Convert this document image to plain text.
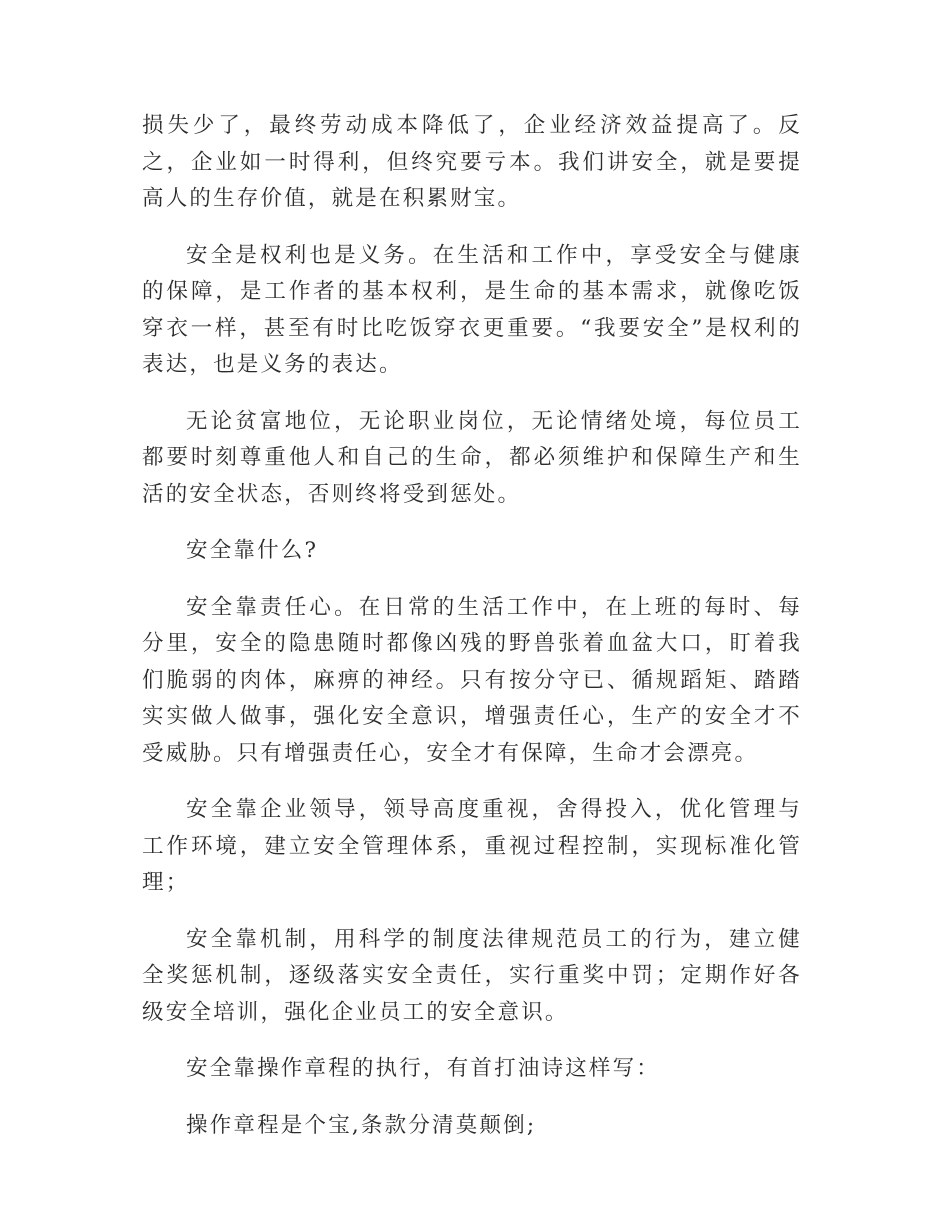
损失少了，最终劳动成本降低了，企业经济效益提高了。反之，企业如一时得利，但终究要亏本。我们讲安全，就是要提高人的生存价值，就是在积累财宝。

安全是权利也是义务。在生活和工作中，享受安全与健康的保障，是工作者的基本权利，是生命的基本需求，就像吃饭穿衣一样，甚至有时比吃饭穿衣更重要。“我要安全”是权利的表达，也是义务的表达。

无论贫富地位，无论职业岗位，无论情绪处境，每位员工都要时刻尊重他人和自己的生命，都必须维护和保障生产和生活的安全状态，否则终将受到惩处。

安全靠什么?

安全靠责任心。在日常的生活工作中，在上班的每时、每分里，安全的隐患随时都像凶残的野兽张着血盆大口，盯着我们脆弱的肉体，麻痹的神经。只有按分守已、循规蹈矩、踏踏实实做人做事，强化安全意识，增强责任心，生产的安全才不受威胁。只有增强责任心，安全才有保障，生命才会漂亮。

安全靠企业领导，领导高度重视，舍得投入，优化管理与工作环境，建立安全管理体系，重视过程控制，实现标准化管理；

安全靠机制，用科学的制度法律规范员工的行为，建立健全奖惩机制，逐级落实安全责任，实行重奖中罚；定期作好各级安全培训，强化企业员工的安全意识。

安全靠操作章程的执行，有首打油诗这样写：

操作章程是个宝,条款分清莫颠倒;
